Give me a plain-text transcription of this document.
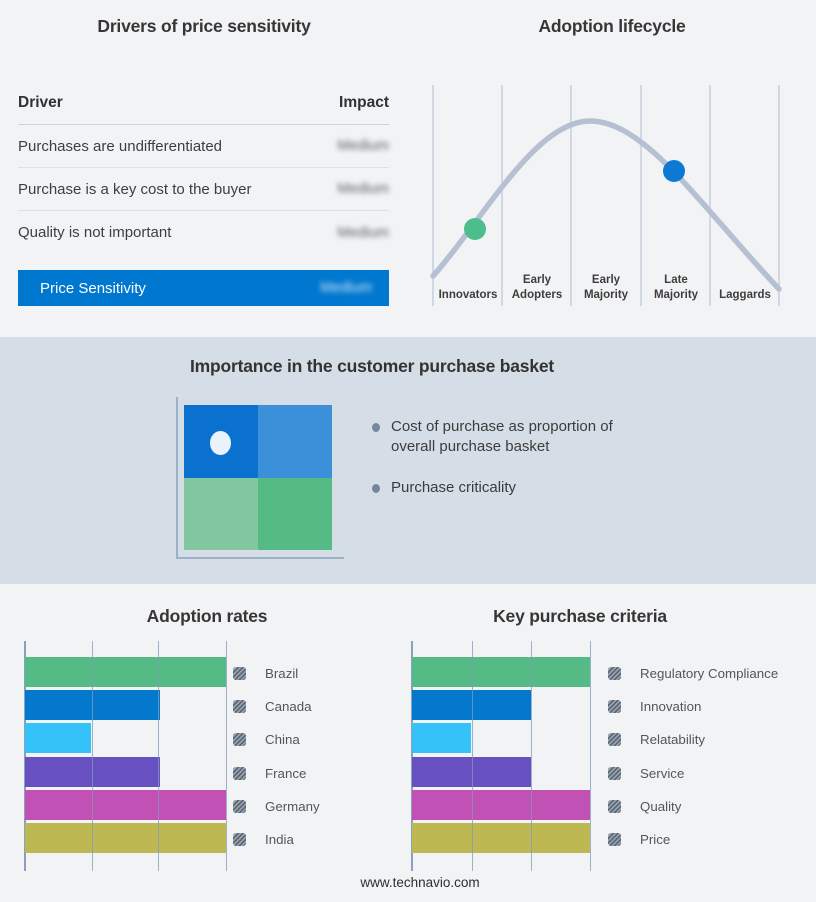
Drivers of price sensitivity
Driver	Impact
Purchases are undifferentiated	Medium
Purchase is a key cost to the buyer	Medium
Quality is not important	Medium
Price Sensitivity	Medium
Adoption lifecycle
Innovators
Early
Adopters
Early
Majority
Late
Majority Laggards
Importance in the customer purchase basket
Cost of purchase as proportion of overall purchase basket
Purchase criticality
Adoption rates
Brazil
Canada
China
France
Germany
India
Key purchase criteria
Regulatory Compliance
Innovation
Relatability
Service
Quality
Price
www.technavio.com
